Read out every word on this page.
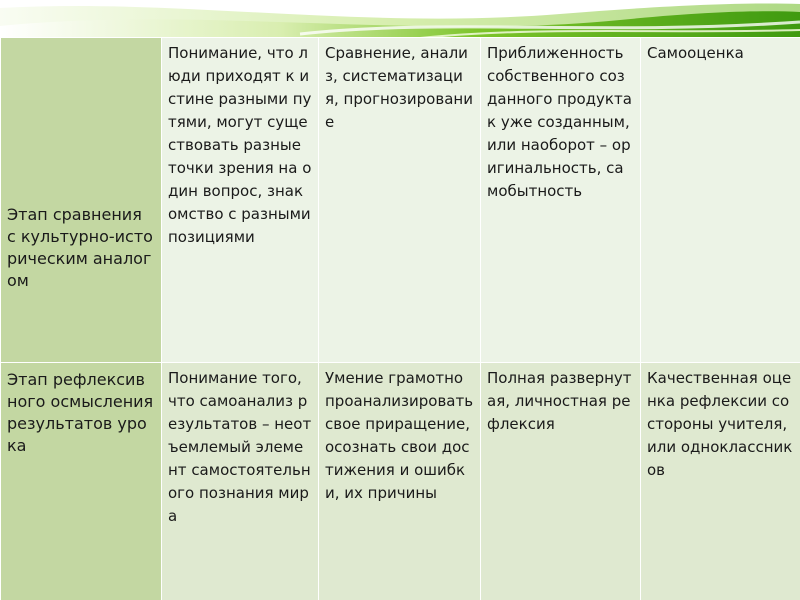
Этап сравнения с культурно-историческим аналогом	Понимание, что люди приходят к истине разными путями, могут существовать разные точки зрения на один вопрос, знакомство с разными позициями	Сравнение, анализ, систематизация, прогнозирование	Приближенность собственного созданного продукта к уже созданным, или наоборот – оригинальность, самобытность	Самооценка

Этап рефлексивного осмысления результатов урока	Понимание того, что самоанализ результатов – неотъемлемый элемент самостоятельного познания мира	Умение грамотно проанализировать свое приращение, осознать свои достижения и ошибки, их причины	Полная развернутая, личностная рефлексия	Качественная оценка рефлексии со стороны учителя, или одноклассников
